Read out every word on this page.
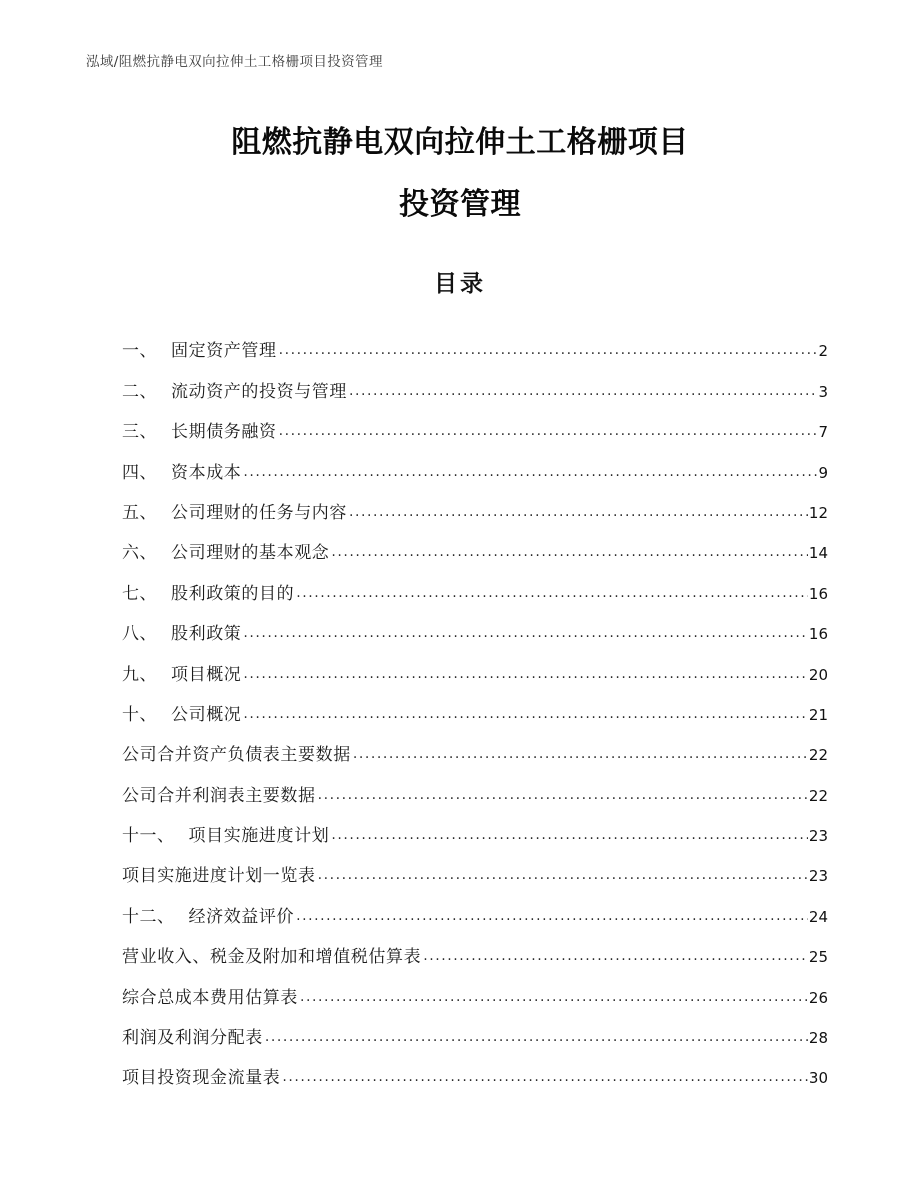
泓域/阻燃抗静电双向拉伸土工格栅项目投资管理
阻燃抗静电双向拉伸土工格栅项目
投资管理
目录
一、 固定资产管理 .....	2
二、 流动资产的投资与管理 .....	3
三、 长期债务融资 .....	7
四、 资本成本 .....	9
五、 公司理财的任务与内容 .....	12
六、 公司理财的基本观念 .....	14
七、 股利政策的目的 .....	16
八、 股利政策 .....	16
九、 项目概况 .....	20
十、 公司概况 .....	21
公司合并资产负债表主要数据 .....	22
公司合并利润表主要数据 .....	22
十一、 项目实施进度计划 .....	23
项目实施进度计划一览表 .....	23
十二、 经济效益评价 .....	24
营业收入、税金及附加和增值税估算表 .....	25
综合总成本费用估算表 .....	26
利润及利润分配表 .....	28
项目投资现金流量表 .....	30
